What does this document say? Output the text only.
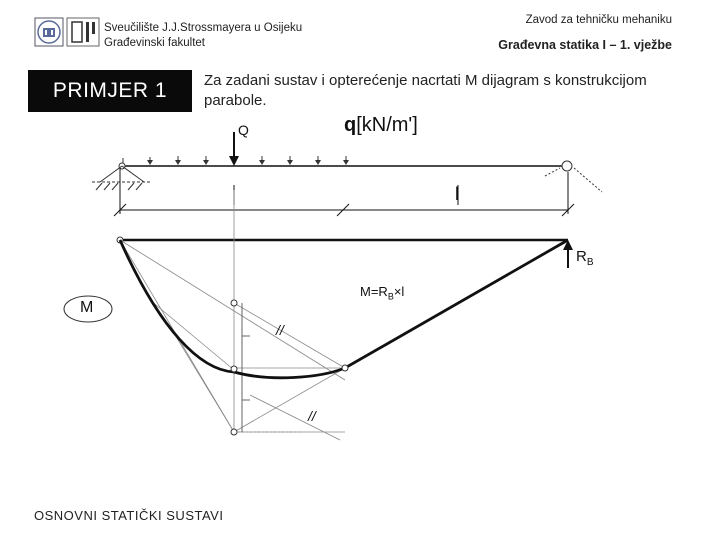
Sveučilište J.J.Strossmayera u Osijeku
Građevinski fakultet
Zavod za tehničku mehaniku
Građevna statika I – 1. vježbe
PRIMJER 1	Za zadani sustav i opterećenje nacrtati M dijagram s konstrukcijom parabole.
Q	q[kN/m']
l
$R_B$
$M=R_B\times l$
M
//
//
OSNOVNI STATIČKI SUSTAVI
